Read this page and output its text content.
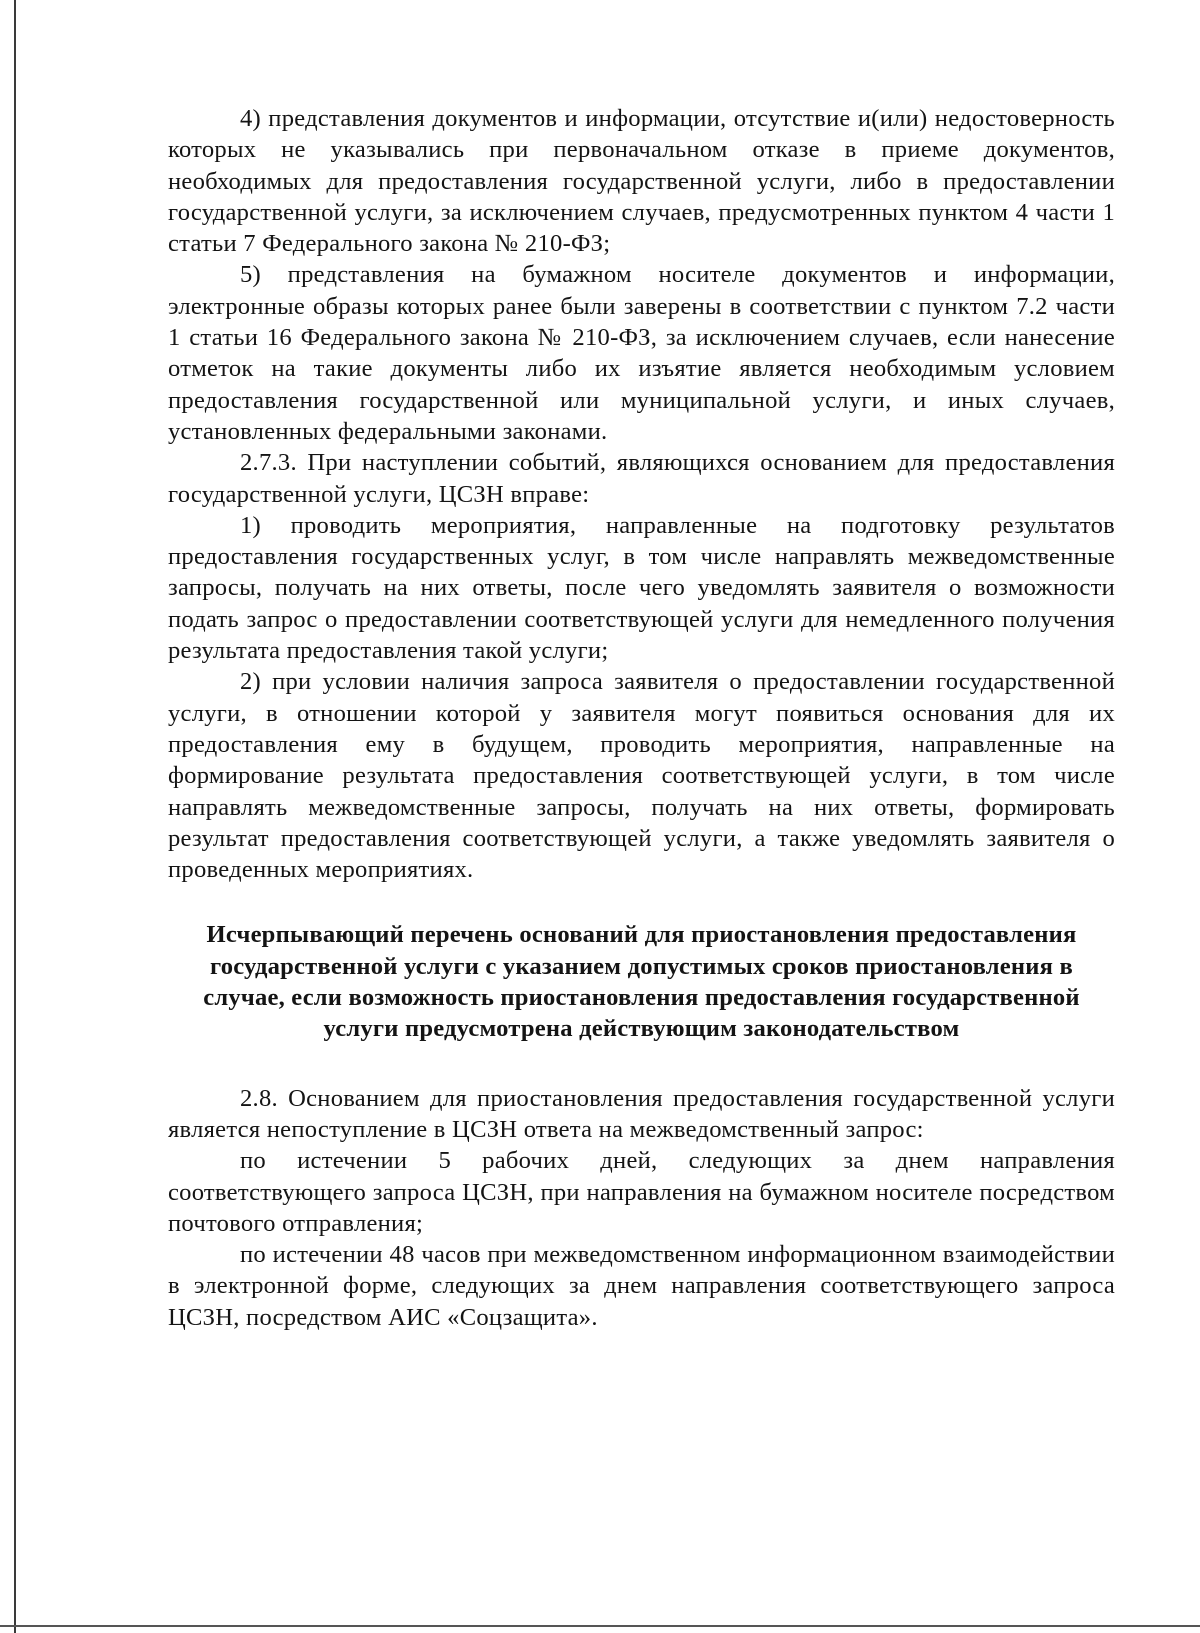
4) представления документов и информации, отсутствие и(или) недостоверность которых не указывались при первоначальном отказе в приеме документов, необходимых для предоставления государственной услуги, либо в предоставлении государственной услуги, за исключением случаев, предусмотренных пунктом 4 части 1 статьи 7 Федерального закона № 210-ФЗ;

5) представления на бумажном носителе документов и информации, электронные образы которых ранее были заверены в соответствии с пунктом 7.2 части 1 статьи 16 Федерального закона № 210-ФЗ, за исключением случаев, если нанесение отметок на такие документы либо их изъятие является необходимым условием предоставления государственной или муниципальной услуги, и иных случаев, установленных федеральными законами.

2.7.3. При наступлении событий, являющихся основанием для предоставления государственной услуги, ЦСЗН вправе:

1) проводить мероприятия, направленные на подготовку результатов предоставления государственных услуг, в том числе направлять межведомственные запросы, получать на них ответы, после чего уведомлять заявителя о возможности подать запрос о предоставлении соответствующей услуги для немедленного получения результата предоставления такой услуги;

2) при условии наличия запроса заявителя о предоставлении государственной услуги, в отношении которой у заявителя могут появиться основания для их предоставления ему в будущем, проводить мероприятия, направленные на формирование результата предоставления соответствующей услуги, в том числе направлять межведомственные запросы, получать на них ответы, формировать результат предоставления соответствующей услуги, а также уведомлять заявителя о проведенных мероприятиях.

Исчерпывающий перечень оснований для приостановления предоставления государственной услуги с указанием допустимых сроков приостановления в случае, если возможность приостановления предоставления государственной услуги предусмотрена действующим законодательством

2.8. Основанием для приостановления предоставления государственной услуги является непоступление в ЦСЗН ответа на межведомственный запрос:

по истечении 5 рабочих дней, следующих за днем направления соответствующего запроса ЦСЗН, при направления на бумажном носителе посредством почтового отправления;

по истечении 48 часов при межведомственном информационном взаимодействии в электронной форме, следующих за днем направления соответствующего запроса ЦСЗН, посредством АИС «Соцзащита».
